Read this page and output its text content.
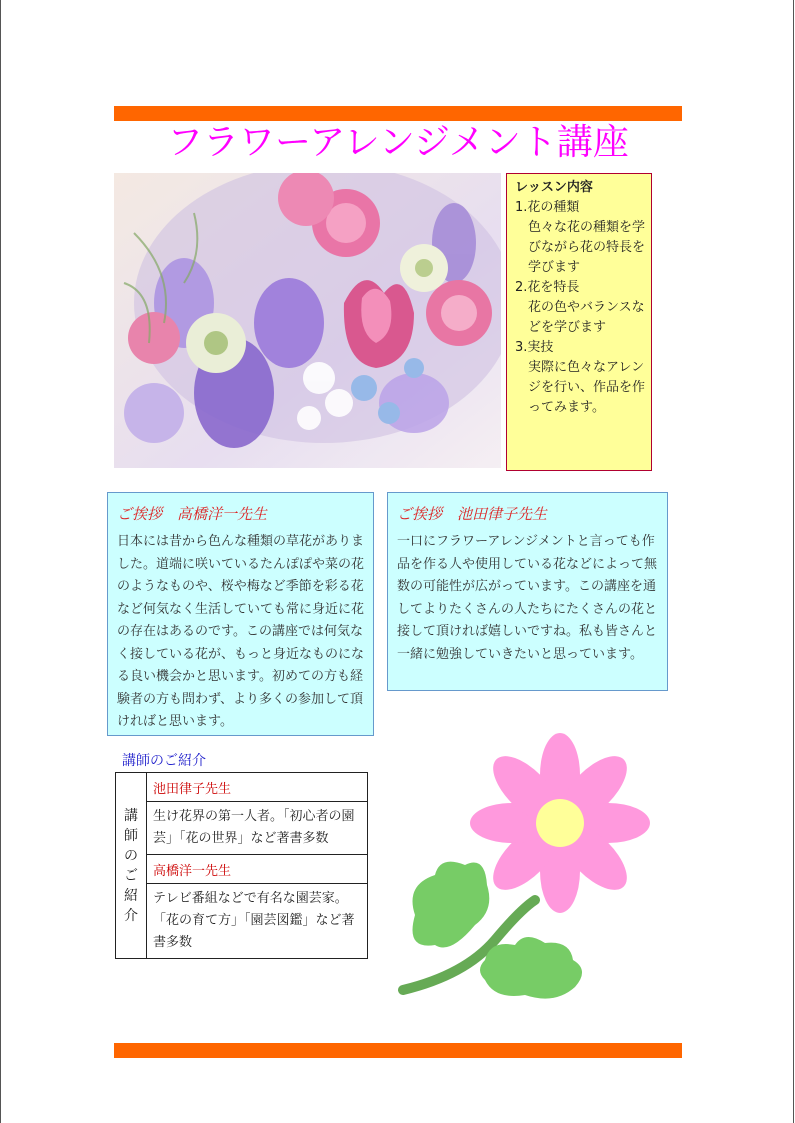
フラワーアレンジメント講座
レッスン内容
1.花の種類
色々な花の種類を学びながら花の特長を学びます
2.花を特長
花の色やバランスなどを学びます
3.実技
実際に色々なアレンジを行い、作品を作ってみます。
ご挨拶　高橋洋一先生
日本には昔から色んな種類の草花がありました。道端に咲いているたんぽぽや菜の花のようなものや、桜や梅など季節を彩る花など何気なく生活していても常に身近に花の存在はあるのです。この講座では何気なく接している花が、もっと身近なものになる良い機会かと思います。初めての方も経験者の方も問わず、より多くの参加して頂ければと思います。
ご挨拶　池田律子先生
一口にフラワーアレンジメントと言っても作品を作る人や使用している花などによって無数の可能性が広がっています。この講座を通してよりたくさんの人たちにたくさんの花と接して頂ければ嬉しいですね。私も皆さんと一緒に勉強していきたいと思っています。
講師のご紹介
講
師
の
ご
紹
介
	池田律子先生
生け花界の第一人者。「初心者の園芸」「花の世界」など著書多数
高橋洋一先生
テレビ番組などで有名な園芸家。「花の育て方」「園芸図鑑」など著書多数
